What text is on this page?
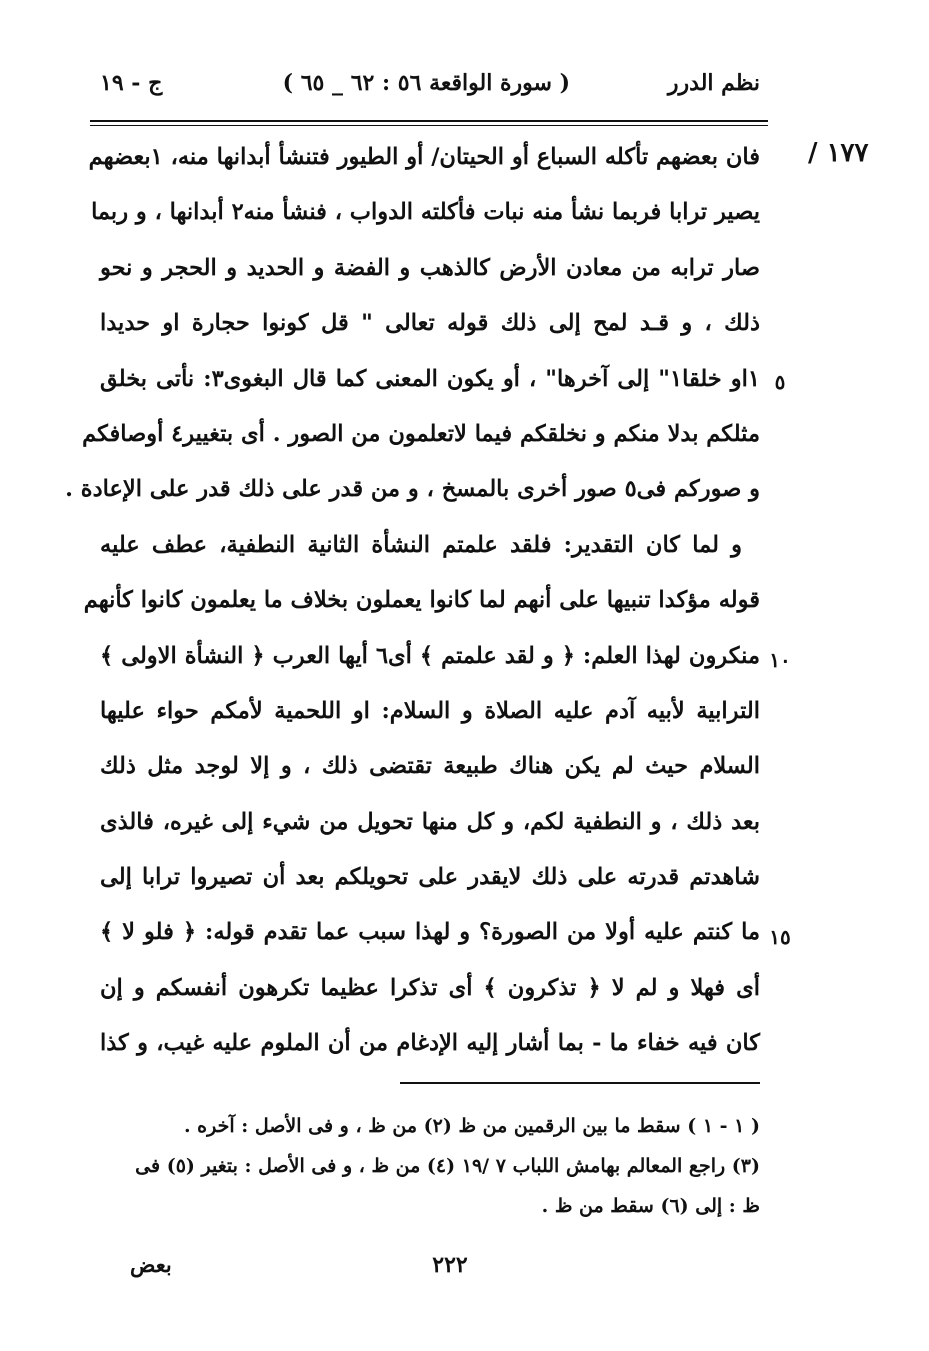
نظم الدرر
( سورة الواقعة ٥٦ : ٦٢ _ ٦٥ )
ج - ١٩
١٧٧ /
٥
١٠
١٥

فان بعضهم تأكله السباع أو الحيتان/ أو الطيور فتنشأ أبدانها منه، ١بعضهم

يصير ترابا فربما نشأ منه نبات فأكلته الدواب ، فنشأ منه٢ أبدانها ، و ربما

صار ترابه من معادن الأرض كالذهب و الفضة و الحديد و الحجر و نحو

ذلك ، و قـد لمح إلى ذلك قوله تعالى " قل كونوا حجارة او حديدا

١او خلقا١" إلى آخرها" ، أو يكون المعنى كما قال البغوى٣: نأتى بخلق

مثلكم بدلا منكم و نخلقكم فيما لاتعلمون من الصور . أى بتغيير٤ أوصافكم

و صوركم فى٥ صور أخرى بالمسخ ، و من قدر على ذلك قدر على الإعادة .

و لما كان التقدير: فلقد علمتم النشأة الثانية النطفية، عطف عليه

قوله مؤكدا تنبيها على أنهم لما كانوا يعملون بخلاف ما يعلمون كانوا كأنهم

منكرون لهذا العلم: ﴿ و لقد علمتم ﴾ أى٦ أيها العرب ﴿ النشأة الاولى ﴾

الترابية لأبيه آدم عليه الصلاة و السلام: او اللحمية لأمكم حواء عليها

السلام حيث لم يكن هناك طبيعة تقتضى ذلك ، و إلا لوجد مثل ذلك

بعد ذلك ، و النطفية لكم، و كل منها تحويل من شيء إلى غيره، فالذى

شاهدتم قدرته على ذلك لايقدر على تحويلكم بعد أن تصيروا ترابا إلى

ما كنتم عليه أولا من الصورة؟ و لهذا سبب عما تقدم قوله: ﴿ فلو لا ﴾

أى فهلا و لم لا ﴿ تذكرون ﴾ أى تذكرا عظيما تكرهون أنفسكم و إن

كان فيه خفاء ما - بما أشار إليه الإدغام من أن الملوم عليه غيب، و كذا

( ١ - ١ ) سقط ما بين الرقمين من ظ (٢) من ظ ، و فى الأصل : آخره .

(٣) راجع المعالم بهامش اللباب ٧ /١٩ (٤) من ظ ، و فى الأصل : بتغير (٥) فى

ظ : إلى (٦) سقط من ظ .

٢٢٢
بعض
